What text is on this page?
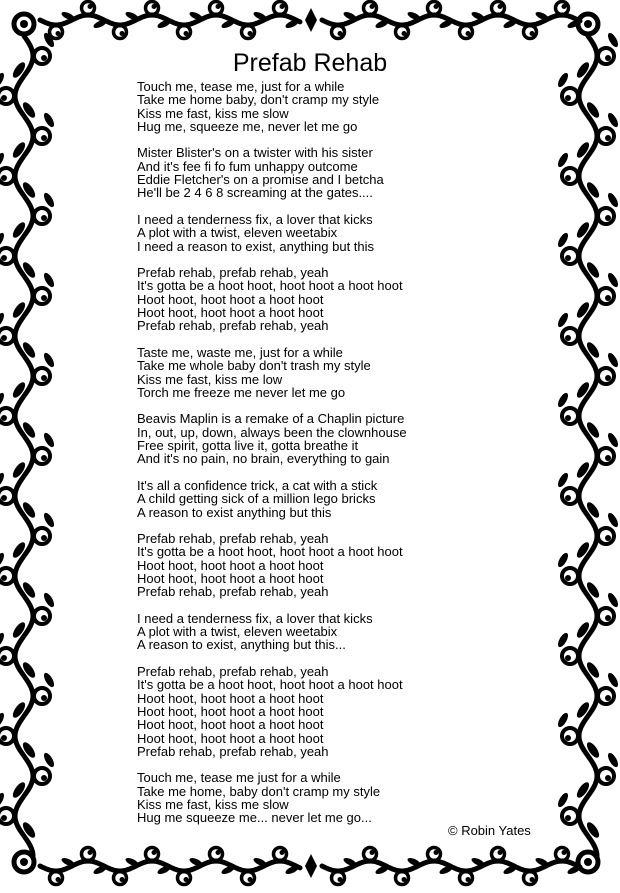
Prefab Rehab
Touch me, tease me, just for a while
Take me home baby, don't cramp my style
Kiss me fast, kiss me slow
Hug me, squeeze me, never let me go
Mister Blister's on a twister with his sister
And it's fee fi fo fum unhappy outcome
Eddie Fletcher's on a promise and I betcha
He'll be 2 4 6 8 screaming at the gates....
I need a tenderness fix, a lover that kicks
A plot with a twist, eleven weetabix
I need a reason to exist, anything but this
Prefab rehab, prefab rehab, yeah
It's gotta be a hoot hoot, hoot hoot a hoot hoot
Hoot hoot, hoot hoot a hoot hoot
Hoot hoot, hoot hoot a hoot hoot
Prefab rehab, prefab rehab, yeah
Taste me, waste me, just for a while
Take me whole baby don't trash my style
Kiss me fast, kiss me low
Torch me freeze me never let me go
Beavis Maplin is a remake of a Chaplin picture
In, out, up, down, always been the clownhouse
Free spirit, gotta live it, gotta breathe it
And it's no pain, no brain, everything to gain
It's all a confidence trick, a cat with a stick
A child getting sick of a million lego bricks
A reason to exist anything but this
Prefab rehab, prefab rehab, yeah
It's gotta be a hoot hoot, hoot hoot a hoot hoot
Hoot hoot, hoot hoot a hoot hoot
Hoot hoot, hoot hoot a hoot hoot
Prefab rehab, prefab rehab, yeah
I need a tenderness fix, a lover that kicks
A plot with a twist, eleven weetabix
A reason to exist, anything but this...
Prefab rehab, prefab rehab, yeah
It's gotta be a hoot hoot, hoot hoot a hoot hoot
Hoot hoot, hoot hoot a hoot hoot
Hoot hoot, hoot hoot a hoot hoot
Hoot hoot, hoot hoot a hoot hoot
Hoot hoot, hoot hoot a hoot hoot
Prefab rehab, prefab rehab, yeah
Touch me, tease me just for a while
Take me home, baby don't cramp my style
Kiss me fast, kiss me slow
Hug me squeeze me... never let me go...
© Robin Yates
